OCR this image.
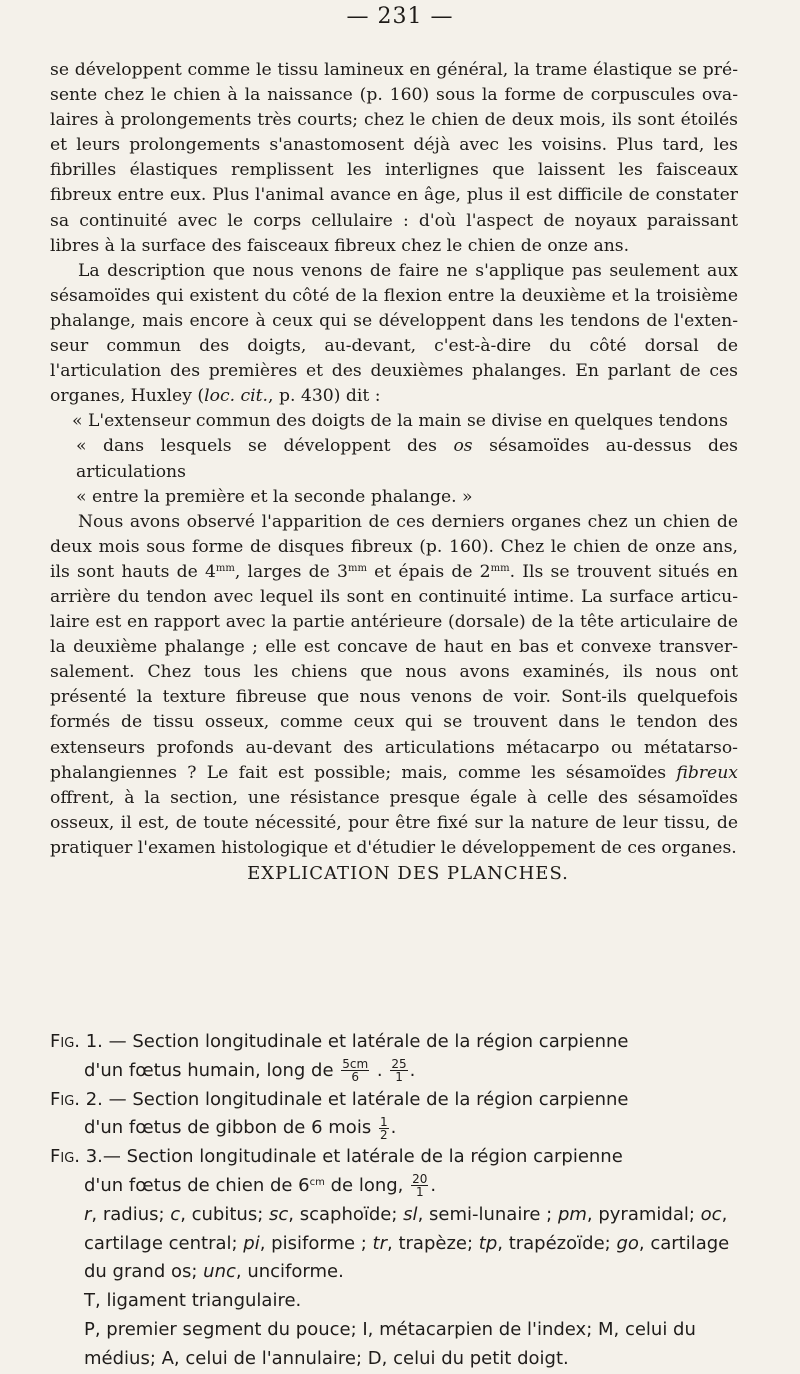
— 231 —

se développent comme le tissu lamineux en général, la trame élastique se présente chez le chien à la naissance (p. 160) sous la forme de corpuscules ovalaires à prolongements très courts; chez le chien de deux mois, ils sont étoilés et leurs prolongements s'anastomosent déjà avec les voisins. Plus tard, les fibrilles élastiques remplissent les interlignes que laissent les faisceaux fibreux entre eux. Plus l'animal avance en âge, plus il est difficile de constater sa continuité avec le corps cellulaire : d'où l'aspect de noyaux paraissant libres à la surface des faisceaux fibreux chez le chien de onze ans.

La description que nous venons de faire ne s'applique pas seulement aux sésamoïdes qui existent du côté de la flexion entre la deuxième et la troisième phalange, mais encore à ceux qui se développent dans les tendons de l'extenseur commun des doigts, au-devant, c'est-à-dire du côté dorsal de l'articulation des premières et des deuxièmes phalanges. En parlant de ces organes, Huxley (loc. cit., p. 430) dit :

« L'extenseur commun des doigts de la main se divise en quelques tendons

« dans lesquels se développent des os sésamoïdes au-dessus des articulations

« entre la première et la seconde phalange. »

Nous avons observé l'apparition de ces derniers organes chez un chien de deux mois sous forme de disques fibreux (p. 160). Chez le chien de onze ans, ils sont hauts de $4^{mm}$, larges de $3^{mm}$ et épais de $2^{mm}$. Ils se trouvent situés en arrière du tendon avec lequel ils sont en continuité intime. La surface articulaire est en rapport avec la partie antérieure (dorsale) de la tête articulaire de la deuxième phalange ; elle est concave de haut en bas et convexe transversalement. Chez tous les chiens que nous avons examinés, ils nous ont présenté la texture fibreuse que nous venons de voir. Sont-ils quelquefois formés de tissu osseux, comme ceux qui se trouvent dans le tendon des extenseurs profonds au-devant des articulations métacarpo ou métatarso-phalangiennes ? Le fait est possible; mais, comme les sésamoïdes fibreux offrent, à la section, une résistance presque égale à celle des sésamoïdes osseux, il est, de toute nécessité, pour être fixé sur la nature de leur tissu, de pratiquer l'examen histologique et d'étudier le développement de ces organes.

EXPLICATION DES PLANCHES.

Fig. 1. — Section longitudinale et latérale de la région carpienne

d'un fœtus humain, long de $\frac{5cm}{6}$ . $\frac{25}{1}$ .

Fig. 2. — Section longitudinale et latérale de la région carpienne

d'un fœtus de gibbon de 6 mois $\frac{1}{2}$ .

Fig. 3.— Section longitudinale et latérale de la région carpienne

d'un fœtus de chien de $6^{cm}$ de long, $\frac{20}{1}$ .

r, radius; c, cubitus; sc, scaphoïde; sl, semi-lunaire ; pm, pyramidal; oc, cartilage central; pi, pisiforme ; tr, trapèze; tp, trapézoïde; go, cartilage du grand os; unc, unciforme.

T, ligament triangulaire.

P, premier segment du pouce; I, métacarpien de l'index; M, celui du médius; A, celui de l'annulaire; D, celui du petit doigt.
